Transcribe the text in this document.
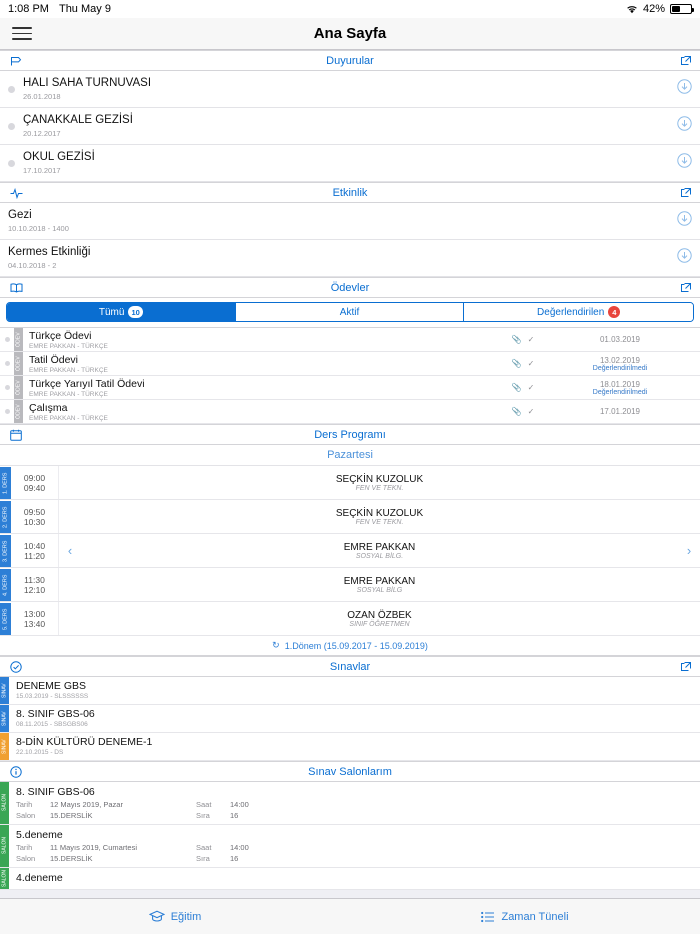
1:08 PM Thu May 9	42%
Ana Sayfa
Duyurular
HALI SAHA TURNUVASI
26.01.2018
ÇANAKKALE GEZİSİ
20.12.2017
OKUL GEZİSİ
17.10.2017
Etkinlik
Gezi
10.10.2018 - 1400
Kermes Etkinliği
04.10.2018 - 2
Ödevler
Tümü 10	Aktif	Değerlendirilen	4
ÖDEV Türkçe Ödevi
EMRE PAKKAN - TÜRKÇE
📎 ✓	01.03.2019
ÖDEV Tatil Ödevi
EMRE PAKKAN - TÜRKÇE
📎 ✓	13.02.2019
Değerlendirilmedi
ÖDEV Türkçe Yarıyıl Tatil Ödevi
EMRE PAKKAN - TÜRKÇE
📎 ✓	18.01.2019
Değerlendirilmedi
ÖDEV Çalışma
EMRE PAKKAN - TÜRKÇE
📎 ✓	17.01.2019
Ders Programı
Pazartesi
1. DERS 09:00
09:40
SEÇKİN KUZOLUK
FEN VE TEKN.
2. DERS 09:50
10:30
SEÇKİN KUZOLUK
FEN VE TEKN.
3. DERS 10:40
11:20	‹	EMRE PAKKAN
SOSYAL BİLG.	›
4. DERS 11:30
12:10
EMRE PAKKAN
SOSYAL BİLG
5. DERS 13:00
13:40
OZAN ÖZBEK
SINIF ÖĞRETMEN
↻ 1.Dönem (15.09.2017 - 15.09.2019)
Sınavlar
SINAV DENEME GBS
15.03.2019 - SLSSSSSS
SINAV 8. SINIF GBS-06
08.11.2015 - SBSGBS06
SINAV 8-DİN KÜLTÜRÜ DENEME-1
22.10.2015 - DS
Sınav Salonlarım
SALON
8. SINIF GBS-06
Tarih 12 Mayıs 2019, Pazar
Salon 15.DERSLİK
Saat 14:00
Sıra	16
SALON
5.deneme
Tarih 11 Mayıs 2019, Cumartesi
Salon 15.DERSLİK
Saat 14:00
Sıra	16
SALON 4.deneme
Eğitim	Zaman Tüneli
